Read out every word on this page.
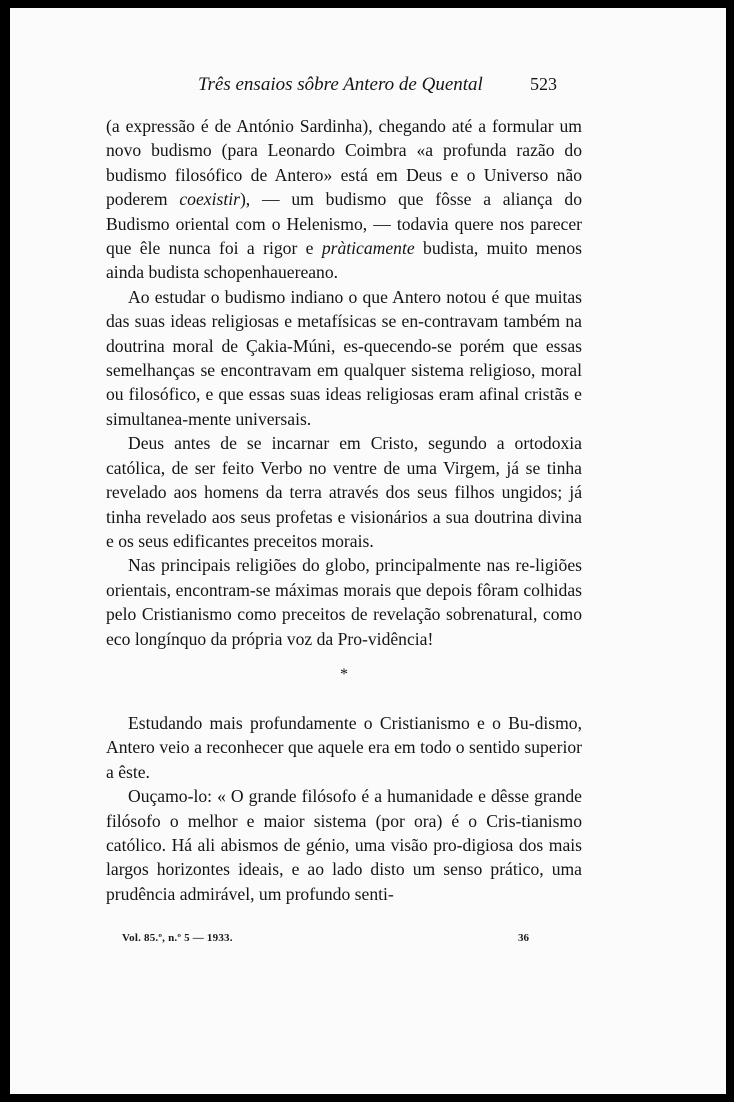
Três ensaios sôbre Antero de Quental	523

(a expressão é de António Sardinha), chegando até a formular um novo budismo (para Leonardo Coimbra «a profunda razão do budismo filosófico de Antero» está em Deus e o Universo não poderem coexistir), — um budismo que fôsse a aliança do Budismo oriental com o Helenismo, — todavia quere nos parecer que êle nunca foi a rigor e pràticamente budista, muito menos ainda budista schopenhauereano.

Ao estudar o budismo indiano o que Antero notou é que muitas das suas ideas religiosas e metafísicas se en-contravam também na doutrina moral de Çakia-Múni, es-quecendo-se porém que essas semelhanças se encontravam em qualquer sistema religioso, moral ou filosófico, e que essas suas ideas religiosas eram afinal cristãs e simultanea-mente universais.

Deus antes de se incarnar em Cristo, segundo a ortodoxia católica, de ser feito Verbo no ventre de uma Virgem, já se tinha revelado aos homens da terra através dos seus filhos ungidos; já tinha revelado aos seus profetas e visionários a sua doutrina divina e os seus edificantes preceitos morais.

Nas principais religiões do globo, principalmente nas re-ligiões orientais, encontram-se máximas morais que depois fôram colhidas pelo Cristianismo como preceitos de revelação sobrenatural, como eco longínquo da própria voz da Pro-vidência!

*

Estudando mais profundamente o Cristianismo e o Bu-dismo, Antero veio a reconhecer que aquele era em todo o sentido superior a êste.

Ouçamo-lo: « O grande filósofo é a humanidade e dêsse grande filósofo o melhor e maior sistema (por ora) é o Cris-tianismo católico. Há ali abismos de génio, uma visão pro-digiosa dos mais largos horizontes ideais, e ao lado disto um senso prático, uma prudência admirável, um profundo senti-

Vol. 85.º, n.º 5 — 1933.	36
